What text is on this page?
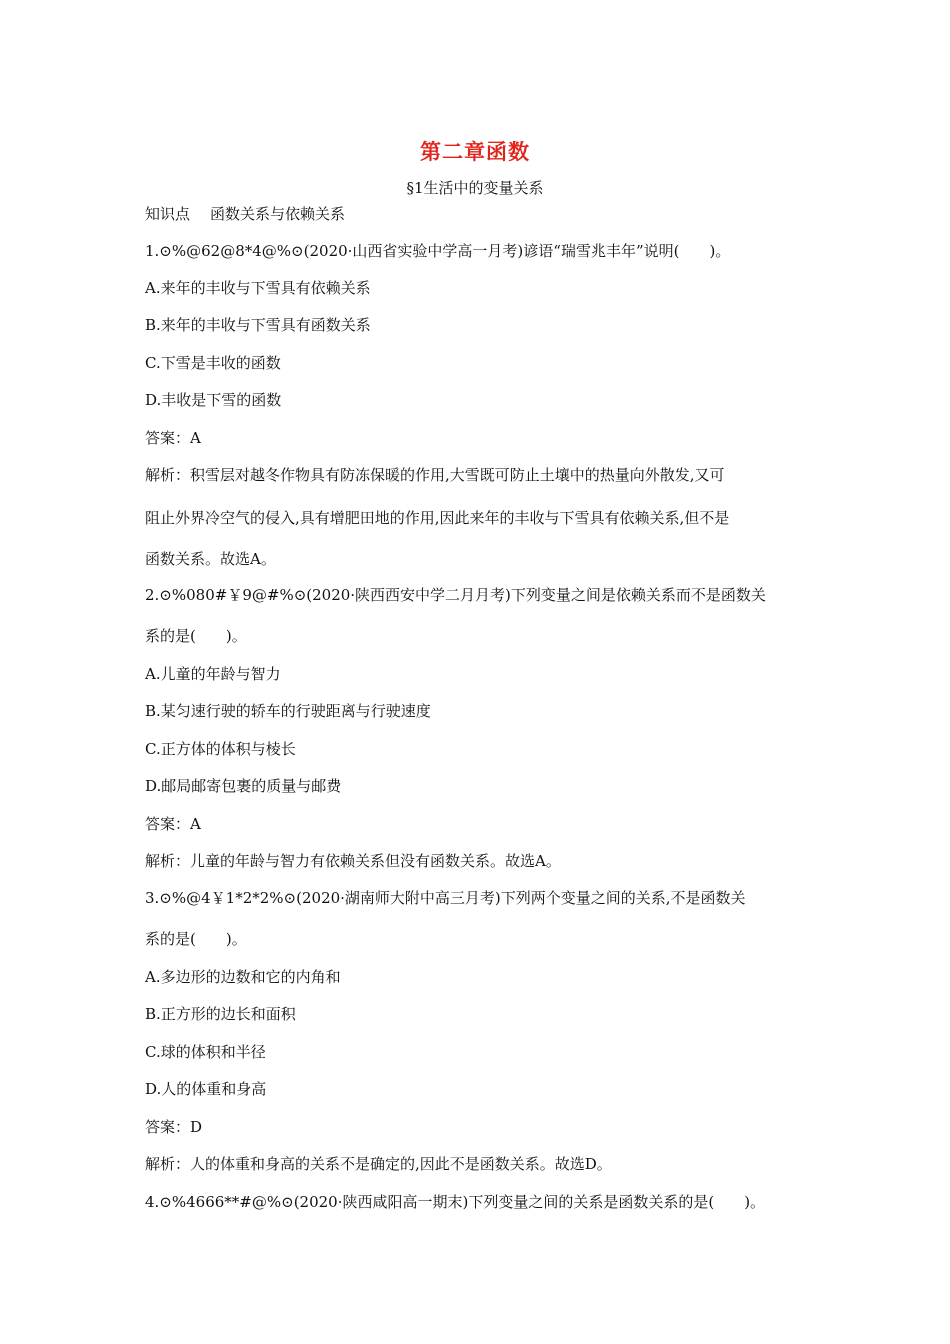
第二章函数
§1生活中的变量关系
知识点 函数关系与依赖关系
1.⊙%@62@8*4@%⊙(2020·山西省实验中学高一月考)谚语“瑞雪兆丰年”说明(　　)。
A.来年的丰收与下雪具有依赖关系
B.来年的丰收与下雪具有函数关系
C.下雪是丰收的函数
D.丰收是下雪的函数
答案：A
解析：积雪层对越冬作物具有防冻保暖的作用,大雪既可防止土壤中的热量向外散发,又可
阻止外界冷空气的侵入,具有增肥田地的作用,因此来年的丰收与下雪具有依赖关系,但不是
函数关系。故选A。
2.⊙%080#￥9@#%⊙(2020·陕西西安中学二月月考)下列变量之间是依赖关系而不是函数关
系的是(　　)。
A.儿童的年龄与智力
B.某匀速行驶的轿车的行驶距离与行驶速度
C.正方体的体积与棱长
D.邮局邮寄包裹的质量与邮费
答案：A
解析：儿童的年龄与智力有依赖关系但没有函数关系。故选A。
3.⊙%@4￥1*2*2%⊙(2020·湖南师大附中高三月考)下列两个变量之间的关系,不是函数关
系的是(　　)。
A.多边形的边数和它的内角和
B.正方形的边长和面积
C.球的体积和半径
D.人的体重和身高
答案：D
解析：人的体重和身高的关系不是确定的,因此不是函数关系。故选D。
4.⊙%4666**#@%⊙(2020·陕西咸阳高一期末)下列变量之间的关系是函数关系的是(　　)。
